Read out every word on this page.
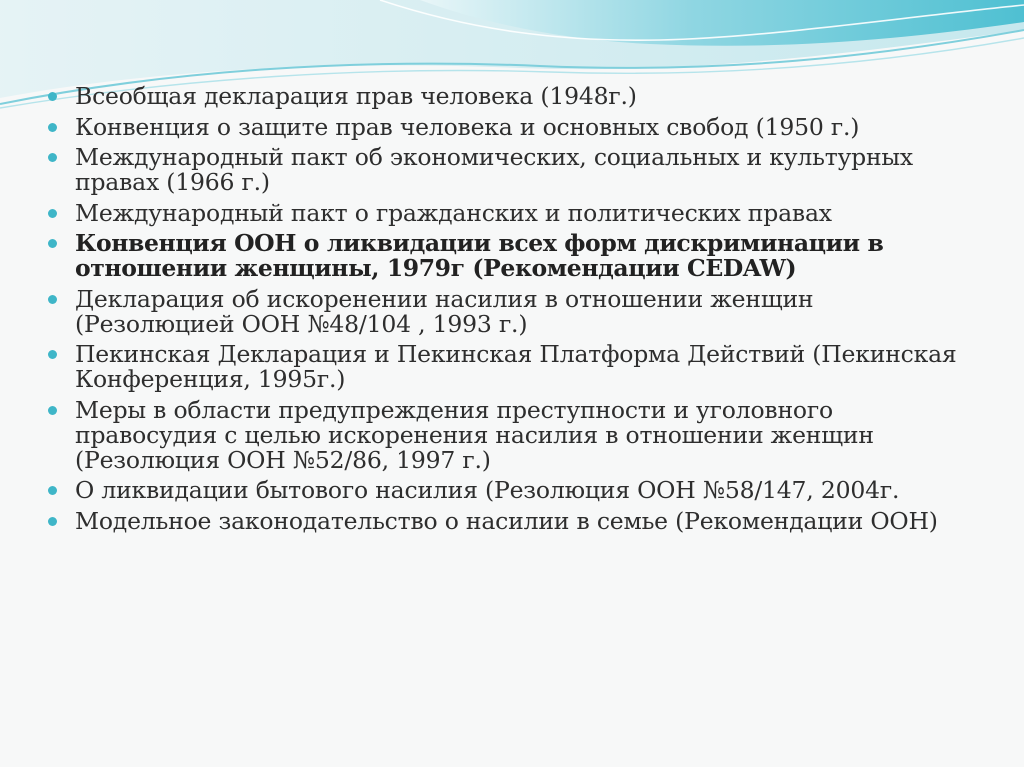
Всеобщая декларация прав человека (1948г.)
Конвенция о защите прав человека и основных свобод (1950 г.)
Международный пакт об экономических, социальных и культурных правах (1966 г.)
Международный пакт о гражданских и политических правах
Конвенция ООН о ликвидации всех форм дискриминации в отношении женщины, 1979г (Рекомендации CEDAW)
Декларация об искоренении насилия в отношении женщин (Резолюцией ООН №48/104 , 1993 г.)
Пекинская Декларация и Пекинская Платформа Действий (Пекинская Конференция, 1995г.)
Меры в области предупреждения преступности и уголовного правосудия с целью искоренения насилия в отношении женщин (Резолюция ООН №52/86, 1997 г.)
О ликвидации бытового насилия (Резолюция ООН №58/147, 2004г.
Модельное законодательство о насилии в семье (Рекомендации ООН)
